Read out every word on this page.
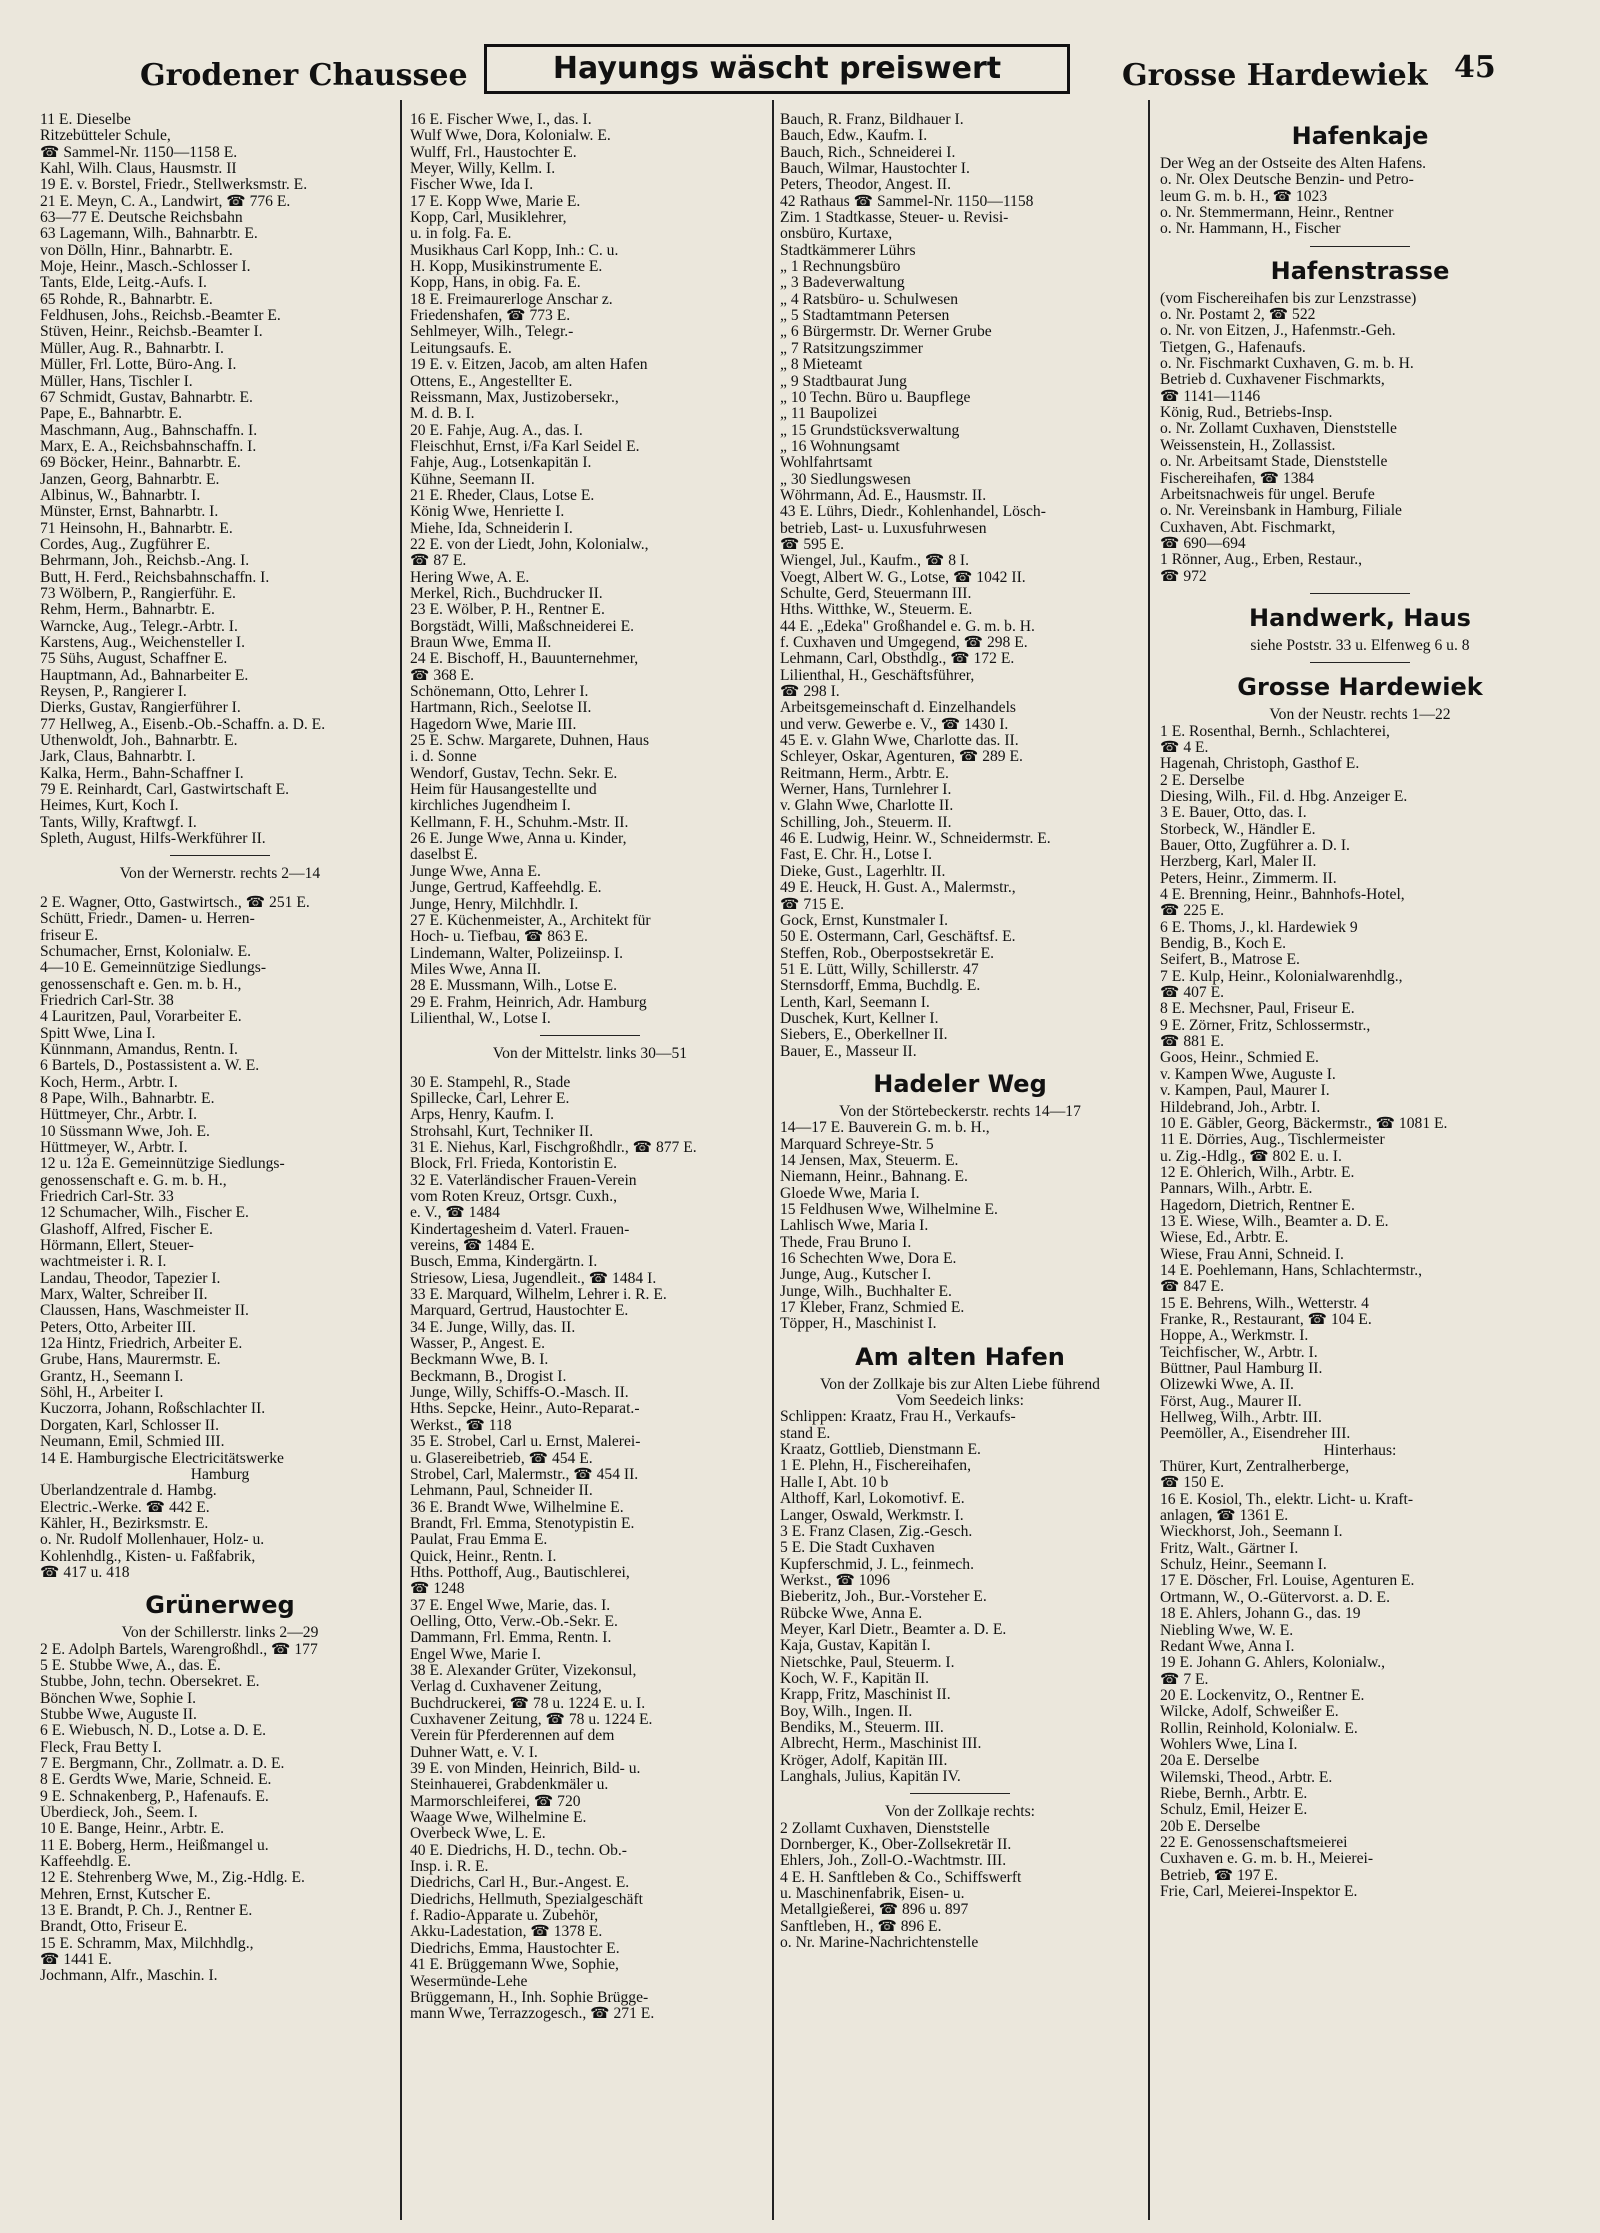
Grodener Chaussee	Hayungs wäscht preiswert	Grosse Hardewiek 45
11 E. Dieselbe
Ritzebütteler Schule,
☎ Sammel-Nr. 1150—1158 E.
Kahl, Wilh. Claus, Hausmstr. II
19 E. v. Borstel, Friedr., Stellwerksmstr. E.
21 E. Meyn, C. A., Landwirt, ☎ 776 E.
63—77 E. Deutsche Reichsbahn
63 Lagemann, Wilh., Bahnarbtr. E.
von Dölln, Hinr., Bahnarbtr. E.
Moje, Heinr., Masch.-Schlosser I.
Tants, Elde, Leitg.-Aufs. I.
65 Rohde, R., Bahnarbtr. E.
Feldhusen, Johs., Reichsb.-Beamter E.
Stüven, Heinr., Reichsb.-Beamter I.
Müller, Aug. R., Bahnarbtr. I.
Müller, Frl. Lotte, Büro-Ang. I.
Müller, Hans, Tischler I.
67 Schmidt, Gustav, Bahnarbtr. E.
Pape, E., Bahnarbtr. E.
Maschmann, Aug., Bahnschaffn. I.
Marx, E. A., Reichsbahnschaffn. I.
69 Böcker, Heinr., Bahnarbtr. E.
Janzen, Georg, Bahnarbtr. E.
Albinus, W., Bahnarbtr. I.
Münster, Ernst, Bahnarbtr. I.
71 Heinsohn, H., Bahnarbtr. E.
Cordes, Aug., Zugführer E.
Behrmann, Joh., Reichsb.-Ang. I.
Butt, H. Ferd., Reichsbahnschaffn. I.
73 Wölbern, P., Rangierführ. E.
Rehm, Herm., Bahnarbtr. E.
Warncke, Aug., Telegr.-Arbtr. I.
Karstens, Aug., Weichensteller I.
75 Sühs, August, Schaffner E.
Hauptmann, Ad., Bahnarbeiter E.
Reysen, P., Rangierer I.
Dierks, Gustav, Rangierführer I.
77 Hellweg, A., Eisenb.-Ob.-Schaffn. a. D. E.
Uthenwoldt, Joh., Bahnarbtr. E.
Jark, Claus, Bahnarbtr. I.
Kalka, Herm., Bahn-Schaffner I.
79 E. Reinhardt, Carl, Gastwirtschaft E.
Heimes, Kurt, Koch I.
Tants, Willy, Kraftwgf. I.
Spleth, August, Hilfs-Werkführer II.
Von der Wernerstr. rechts 2—14
2 E. Wagner, Otto, Gastwirtsch., ☎ 251 E.
Schütt, Friedr., Damen- u. Herren-
friseur E.
Schumacher, Ernst, Kolonialw. E.
4—10 E. Gemeinnützige Siedlungs-
genossenschaft e. Gen. m. b. H.,
Friedrich Carl-Str. 38
4 Lauritzen, Paul, Vorarbeiter E.
Spitt Wwe, Lina I.
Künnmann, Amandus, Rentn. I.
6 Bartels, D., Postassistent a. W. E.
Koch, Herm., Arbtr. I.
8 Pape, Wilh., Bahnarbtr. E.
Hüttmeyer, Chr., Arbtr. I.
10 Süssmann Wwe, Joh. E.
Hüttmeyer, W., Arbtr. I.
12 u. 12a E. Gemeinnützige Siedlungs-
genossenschaft e. G. m. b. H.,
Friedrich Carl-Str. 33
12 Schumacher, Wilh., Fischer E.
Glashoff, Alfred, Fischer E.
Hörmann, Ellert, Steuer-
wachtmeister i. R. I.
Landau, Theodor, Tapezier I.
Marx, Walter, Schreiber II.
Claussen, Hans, Waschmeister II.
Peters, Otto, Arbeiter III.
12a Hintz, Friedrich, Arbeiter E.
Grube, Hans, Maurermstr. E.
Grantz, H., Seemann I.
Söhl, H., Arbeiter I.
Kuczorra, Johann, Roßschlachter II.
Dorgaten, Karl, Schlosser II.
Neumann, Emil, Schmied III.
14 E. Hamburgische Electricitätswerke
Hamburg
Überlandzentrale d. Hambg.
Electric.-Werke. ☎ 442 E.
Kähler, H., Bezirksmstr. E.
o. Nr. Rudolf Mollenhauer, Holz- u.
Kohlenhdlg., Kisten- u. Faßfabrik,
☎ 417 u. 418
Grünerweg
Von der Schillerstr. links 2—29
2 E. Adolph Bartels, Warengroßhdl., ☎ 177
5 E. Stubbe Wwe, A., das. E.
Stubbe, John, techn. Obersekret. E.
Bönchen Wwe, Sophie I.
Stubbe Wwe, Auguste II.
6 E. Wiebusch, N. D., Lotse a. D. E.
Fleck, Frau Betty I.
7 E. Bergmann, Chr., Zollmatr. a. D. E.
8 E. Gerdts Wwe, Marie, Schneid. E.
9 E. Schnakenberg, P., Hafenaufs. E.
Überdieck, Joh., Seem. I.
10 E. Bange, Heinr., Arbtr. E.
11 E. Boberg, Herm., Heißmangel u.
Kaffeehdlg. E.
12 E. Stehrenberg Wwe, M., Zig.-Hdlg. E.
Mehren, Ernst, Kutscher E.
13 E. Brandt, P. Ch. J., Rentner E.
Brandt, Otto, Friseur E.
15 E. Schramm, Max, Milchhdlg.,
☎ 1441 E.
Jochmann, Alfr., Maschin. I.
16 E. Fischer Wwe, I., das. I.
Wulf Wwe, Dora, Kolonialw. E.
Wulff, Frl., Haustochter E.
Meyer, Willy, Kellm. I.
Fischer Wwe, Ida I.
17 E. Kopp Wwe, Marie E.
Kopp, Carl, Musiklehrer,
u. in folg. Fa. E.
Musikhaus Carl Kopp, Inh.: C. u.
H. Kopp, Musikinstrumente E.
Kopp, Hans, in obig. Fa. E.
18 E. Freimaurerloge Anschar z.
Friedenshafen, ☎ 773 E.
Sehlmeyer, Wilh., Telegr.-
Leitungsaufs. E.
19 E. v. Eitzen, Jacob, am alten Hafen
Ottens, E., Angestellter E.
Reissmann, Max, Justizobersekr.,
M. d. B. I.
20 E. Fahje, Aug. A., das. I.
Fleischhut, Ernst, i/Fa Karl Seidel E.
Fahje, Aug., Lotsenkapitän I.
Kühne, Seemann II.
21 E. Rheder, Claus, Lotse E.
König Wwe, Henriette I.
Miehe, Ida, Schneiderin I.
22 E. von der Liedt, John, Kolonialw.,
☎ 87 E.
Hering Wwe, A. E.
Merkel, Rich., Buchdrucker II.
23 E. Wölber, P. H., Rentner E.
Borgstädt, Willi, Maßschneiderei E.
Braun Wwe, Emma II.
24 E. Bischoff, H., Bauunternehmer,
☎ 368 E.
Schönemann, Otto, Lehrer I.
Hartmann, Rich., Seelotse II.
Hagedorn Wwe, Marie III.
25 E. Schw. Margarete, Duhnen, Haus
i. d. Sonne
Wendorf, Gustav, Techn. Sekr. E.
Heim für Hausangestellte und
kirchliches Jugendheim I.
Kellmann, F. H., Schuhm.-Mstr. II.
26 E. Junge Wwe, Anna u. Kinder,
daselbst E.
Junge Wwe, Anna E.
Junge, Gertrud, Kaffeehdlg. E.
Junge, Henry, Milchhdlr. I.
27 E. Küchenmeister, A., Architekt für
Hoch- u. Tiefbau, ☎ 863 E.
Lindemann, Walter, Polizeiinsp. I.
Miles Wwe, Anna II.
28 E. Mussmann, Wilh., Lotse E.
29 E. Frahm, Heinrich, Adr. Hamburg
Lilienthal, W., Lotse I.
Von der Mittelstr. links 30—51
30 E. Stampehl, R., Stade
Spillecke, Carl, Lehrer E.
Arps, Henry, Kaufm. I.
Strohsahl, Kurt, Techniker II.
31 E. Niehus, Karl, Fischgroßhdlr., ☎ 877 E.
Block, Frl. Frieda, Kontoristin E.
32 E. Vaterländischer Frauen-Verein
vom Roten Kreuz, Ortsgr. Cuxh.,
e. V., ☎ 1484
Kindertagesheim d. Vaterl. Frauen-
vereins, ☎ 1484 E.
Busch, Emma, Kindergärtn. I.
Striesow, Liesa, Jugendleit., ☎ 1484 I.
33 E. Marquard, Wilhelm, Lehrer i. R. E.
Marquard, Gertrud, Haustochter E.
34 E. Junge, Willy, das. II.
Wasser, P., Angest. E.
Beckmann Wwe, B. I.
Beckmann, B., Drogist I.
Junge, Willy, Schiffs-O.-Masch. II.
Hths. Sepcke, Heinr., Auto-Reparat.-
Werkst., ☎ 118
35 E. Strobel, Carl u. Ernst, Malerei-
u. Glasereibetrieb, ☎ 454 E.
Strobel, Carl, Malermstr., ☎ 454 II.
Lehmann, Paul, Schneider II.
36 E. Brandt Wwe, Wilhelmine E.
Brandt, Frl. Emma, Stenotypistin E.
Paulat, Frau Emma E.
Quick, Heinr., Rentn. I.
Hths. Potthoff, Aug., Bautischlerei,
☎ 1248
37 E. Engel Wwe, Marie, das. I.
Oelling, Otto, Verw.-Ob.-Sekr. E.
Dammann, Frl. Emma, Rentn. I.
Engel Wwe, Marie I.
38 E. Alexander Grüter, Vizekonsul,
Verlag d. Cuxhavener Zeitung,
Buchdruckerei, ☎ 78 u. 1224 E. u. I.
Cuxhavener Zeitung, ☎ 78 u. 1224 E.
Verein für Pferderennen auf dem
Duhner Watt, e. V. I.
39 E. von Minden, Heinrich, Bild- u.
Steinhauerei, Grabdenkmäler u.
Marmorschleiferei, ☎ 720
Waage Wwe, Wilhelmine E.
Overbeck Wwe, L. E.
40 E. Diedrichs, H. D., techn. Ob.-
Insp. i. R. E.
Diedrichs, Carl H., Bur.-Angest. E.
Diedrichs, Hellmuth, Spezialgeschäft
f. Radio-Apparate u. Zubehör,
Akku-Ladestation, ☎ 1378 E.
Diedrichs, Emma, Haustochter E.
41 E. Brüggemann Wwe, Sophie,
Wesermünde-Lehe
Brüggemann, H., Inh. Sophie Brügge-
mann Wwe, Terrazzogesch., ☎ 271 E.
Bauch, R. Franz, Bildhauer I.
Bauch, Edw., Kaufm. I.
Bauch, Rich., Schneiderei I.
Bauch, Wilmar, Haustochter I.
Peters, Theodor, Angest. II.
42 Rathaus ☎ Sammel-Nr. 1150—1158
Zim. 1 Stadtkasse, Steuer- u. Revisi-
onsbüro, Kurtaxe,
Stadtkämmerer Lührs
„ 1 Rechnungsbüro
„ 3 Badeverwaltung
„ 4 Ratsbüro- u. Schulwesen
„ 5 Stadtamtmann Petersen
„ 6 Bürgermstr. Dr. Werner Grube
„ 7 Ratsitzungszimmer
„ 8 Mieteamt
„ 9 Stadtbaurat Jung
„ 10 Techn. Büro u. Baupflege
„ 11 Baupolizei
„ 15 Grundstücksverwaltung
„ 16 Wohnungsamt
Wohlfahrtsamt
„ 30 Siedlungswesen
Wöhrmann, Ad. E., Hausmstr. II.
43 E. Lührs, Diedr., Kohlenhandel, Lösch-
betrieb, Last- u. Luxusfuhrwesen
☎ 595 E.
Wiengel, Jul., Kaufm., ☎ 8 I.
Voegt, Albert W. G., Lotse, ☎ 1042 II.
Schulte, Gerd, Steuermann III.
Hths. Witthke, W., Steuerm. E.
44 E. „Edeka" Großhandel e. G. m. b. H.
f. Cuxhaven und Umgegend, ☎ 298 E.
Lehmann, Carl, Obsthdlg., ☎ 172 E.
Lilienthal, H., Geschäftsführer,
☎ 298 I.
Arbeitsgemeinschaft d. Einzelhandels
und verw. Gewerbe e. V., ☎ 1430 I.
45 E. v. Glahn Wwe, Charlotte das. II.
Schleyer, Oskar, Agenturen, ☎ 289 E.
Reitmann, Herm., Arbtr. E.
Werner, Hans, Turnlehrer I.
v. Glahn Wwe, Charlotte II.
Schilling, Joh., Steuerm. II.
46 E. Ludwig, Heinr. W., Schneidermstr. E.
Fast, E. Chr. H., Lotse I.
Dieke, Gust., Lagerhltr. II.
49 E. Heuck, H. Gust. A., Malermstr.,
☎ 715 E.
Gock, Ernst, Kunstmaler I.
50 E. Ostermann, Carl, Geschäftsf. E.
Steffen, Rob., Oberpostsekretär E.
51 E. Lütt, Willy, Schillerstr. 47
Sternsdorff, Emma, Buchdlg. E.
Lenth, Karl, Seemann I.
Duschek, Kurt, Kellner I.
Siebers, E., Oberkellner II.
Bauer, E., Masseur II.
Hadeler Weg
Von der Störtebeckerstr. rechts 14—17
14—17 E. Bauverein G. m. b. H.,
Marquard Schreye-Str. 5
14 Jensen, Max, Steuerm. E.
Niemann, Heinr., Bahnang. E.
Gloede Wwe, Maria I.
15 Feldhusen Wwe, Wilhelmine E.
Lahlisch Wwe, Maria I.
Thede, Frau Bruno I.
16 Schechten Wwe, Dora E.
Junge, Aug., Kutscher I.
Junge, Wilh., Buchhalter E.
17 Kleber, Franz, Schmied E.
Töpper, H., Maschinist I.
Am alten Hafen
Von der Zollkaje bis zur Alten Liebe führend
Vom Seedeich links:
Schlippen: Kraatz, Frau H., Verkaufs-
stand E.
Kraatz, Gottlieb, Dienstmann E.
1 E. Plehn, H., Fischereihafen,
Halle I, Abt. 10 b
Althoff, Karl, Lokomotivf. E.
Langer, Oswald, Werkmstr. I.
3 E. Franz Clasen, Zig.-Gesch.
5 E. Die Stadt Cuxhaven
Kupferschmid, J. L., feinmech.
Werkst., ☎ 1096
Bieberitz, Joh., Bur.-Vorsteher E.
Rübcke Wwe, Anna E.
Meyer, Karl Dietr., Beamter a. D. E.
Kaja, Gustav, Kapitän I.
Nietschke, Paul, Steuerm. I.
Koch, W. F., Kapitän II.
Krapp, Fritz, Maschinist II.
Boy, Wilh., Ingen. II.
Bendiks, M., Steuerm. III.
Albrecht, Herm., Maschinist III.
Kröger, Adolf, Kapitän III.
Langhals, Julius, Kapitän IV.
Von der Zollkaje rechts:
2 Zollamt Cuxhaven, Dienststelle
Dornberger, K., Ober-Zollsekretär II.
Ehlers, Joh., Zoll-O.-Wachtmstr. III.
4 E. H. Sanftleben & Co., Schiffswerft
u. Maschinenfabrik, Eisen- u.
Metallgießerei, ☎ 896 u. 897
Sanftleben, H., ☎ 896 E.
o. Nr. Marine-Nachrichtenstelle
Hafenkaje
Der Weg an der Ostseite des Alten Hafens.
o. Nr. Olex Deutsche Benzin- und Petro-
leum G. m. b. H., ☎ 1023
o. Nr. Stemmermann, Heinr., Rentner
o. Nr. Hammann, H., Fischer
Hafenstrasse
(vom Fischereihafen bis zur Lenzstrasse)
o. Nr. Postamt 2, ☎ 522
o. Nr. von Eitzen, J., Hafenmstr.-Geh.
Tietgen, G., Hafenaufs.
o. Nr. Fischmarkt Cuxhaven, G. m. b. H.
Betrieb d. Cuxhavener Fischmarkts,
☎ 1141—1146
König, Rud., Betriebs-Insp.
o. Nr. Zollamt Cuxhaven, Dienststelle
Weissenstein, H., Zollassist.
o. Nr. Arbeitsamt Stade, Dienststelle
Fischereihafen, ☎ 1384
Arbeitsnachweis für ungel. Berufe
o. Nr. Vereinsbank in Hamburg, Filiale
Cuxhaven, Abt. Fischmarkt,
☎ 690—694
1 Rönner, Aug., Erben, Restaur.,
☎ 972
Handwerk, Haus
siehe Poststr. 33 u. Elfenweg 6 u. 8
Grosse Hardewiek
Von der Neustr. rechts 1—22
1 E. Rosenthal, Bernh., Schlachterei,
☎ 4 E.
Hagenah, Christoph, Gasthof E.
2 E. Derselbe
Diesing, Wilh., Fil. d. Hbg. Anzeiger E.
3 E. Bauer, Otto, das. I.
Storbeck, W., Händler E.
Bauer, Otto, Zugführer a. D. I.
Herzberg, Karl, Maler II.
Peters, Heinr., Zimmerm. II.
4 E. Brenning, Heinr., Bahnhofs-Hotel,
☎ 225 E.
6 E. Thoms, J., kl. Hardewiek 9
Bendig, B., Koch E.
Seifert, B., Matrose E.
7 E. Kulp, Heinr., Kolonialwarenhdlg.,
☎ 407 E.
8 E. Mechsner, Paul, Friseur E.
9 E. Zörner, Fritz, Schlossermstr.,
☎ 881 E.
Goos, Heinr., Schmied E.
v. Kampen Wwe, Auguste I.
v. Kampen, Paul, Maurer I.
Hildebrand, Joh., Arbtr. I.
10 E. Gäbler, Georg, Bäckermstr., ☎ 1081 E.
11 E. Dörries, Aug., Tischlermeister
u. Zig.-Hdlg., ☎ 802 E. u. I.
12 E. Öhlerich, Wilh., Arbtr. E.
Pannars, Wilh., Arbtr. E.
Hagedorn, Dietrich, Rentner E.
13 E. Wiese, Wilh., Beamter a. D. E.
Wiese, Ed., Arbtr. E.
Wiese, Frau Anni, Schneid. I.
14 E. Poehlemann, Hans, Schlachtermstr.,
☎ 847 E.
15 E. Behrens, Wilh., Wetterstr. 4
Franke, R., Restaurant, ☎ 104 E.
Hoppe, A., Werkmstr. I.
Teichfischer, W., Arbtr. I.
Büttner, Paul Hamburg II.
Olizewki Wwe, A. II.
Först, Aug., Maurer II.
Hellweg, Wilh., Arbtr. III.
Peemöller, A., Eisendreher III.
Hinterhaus:
Thürer, Kurt, Zentralherberge,
☎ 150 E.
16 E. Kosiol, Th., elektr. Licht- u. Kraft-
anlagen, ☎ 1361 E.
Wieckhorst, Joh., Seemann I.
Fritz, Walt., Gärtner I.
Schulz, Heinr., Seemann I.
17 E. Döscher, Frl. Louise, Agenturen E.
Ortmann, W., O.-Gütervorst. a. D. E.
18 E. Ahlers, Johann G., das. 19
Niebling Wwe, W. E.
Redant Wwe, Anna I.
19 E. Johann G. Ahlers, Kolonialw.,
☎ 7 E.
20 E. Lockenvitz, O., Rentner E.
Wilcke, Adolf, Schweißer E.
Rollin, Reinhold, Kolonialw. E.
Wohlers Wwe, Lina I.
20a E. Derselbe
Wilemski, Theod., Arbtr. E.
Riebe, Bernh., Arbtr. E.
Schulz, Emil, Heizer E.
20b E. Derselbe
22 E. Genossenschaftsmeierei
Cuxhaven e. G. m. b. H., Meierei-
Betrieb, ☎ 197 E.
Frie, Carl, Meierei-Inspektor E.
